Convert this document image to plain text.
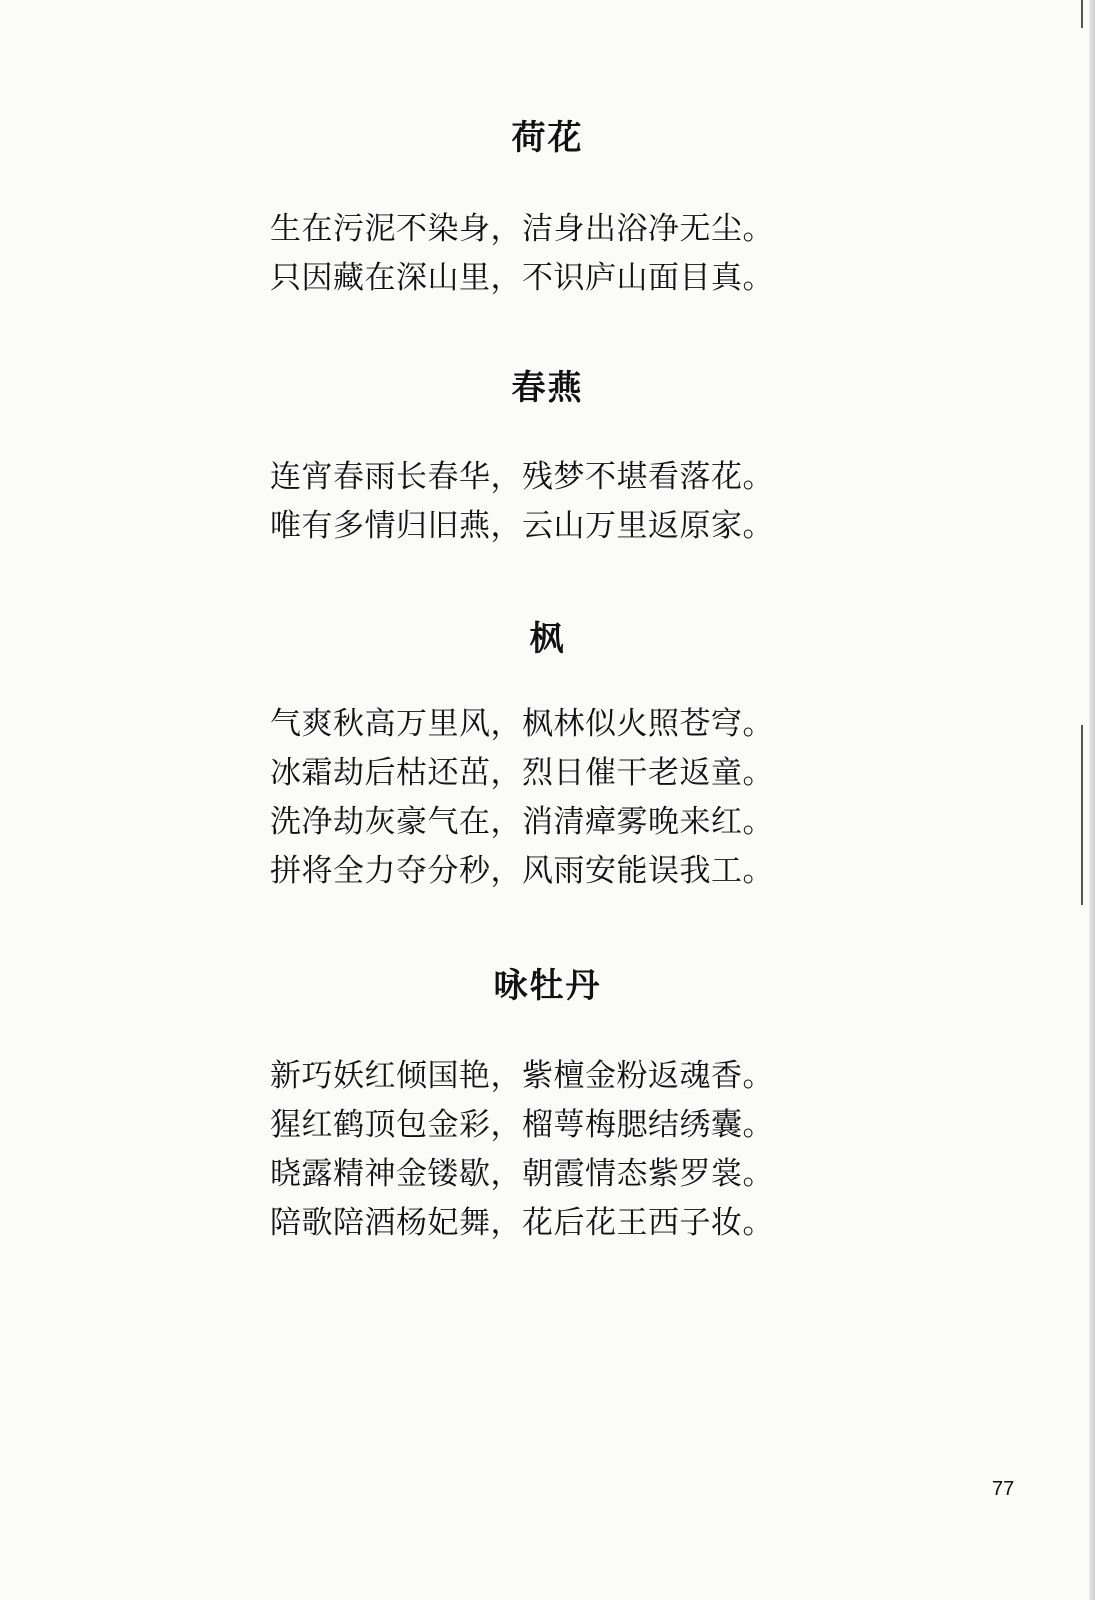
荷花
生在污泥不染身，洁身出浴净无尘。
只因藏在深山里，不识庐山面目真。
春燕
连宵春雨长春华，残梦不堪看落花。
唯有多情归旧燕，云山万里返原家。
枫
气爽秋高万里风，枫林似火照苍穹。
冰霜劫后枯还茁，烈日催干老返童。
洗净劫灰豪气在，消清瘴雾晚来红。
拼将全力夺分秒，风雨安能误我工。
咏牡丹
新巧妖红倾国艳，紫檀金粉返魂香。
猩红鹤顶包金彩，榴萼梅腮结绣囊。
晓露精神金镂歇，朝霞情态紫罗裳。
陪歌陪酒杨妃舞，花后花王西子妆。
77
